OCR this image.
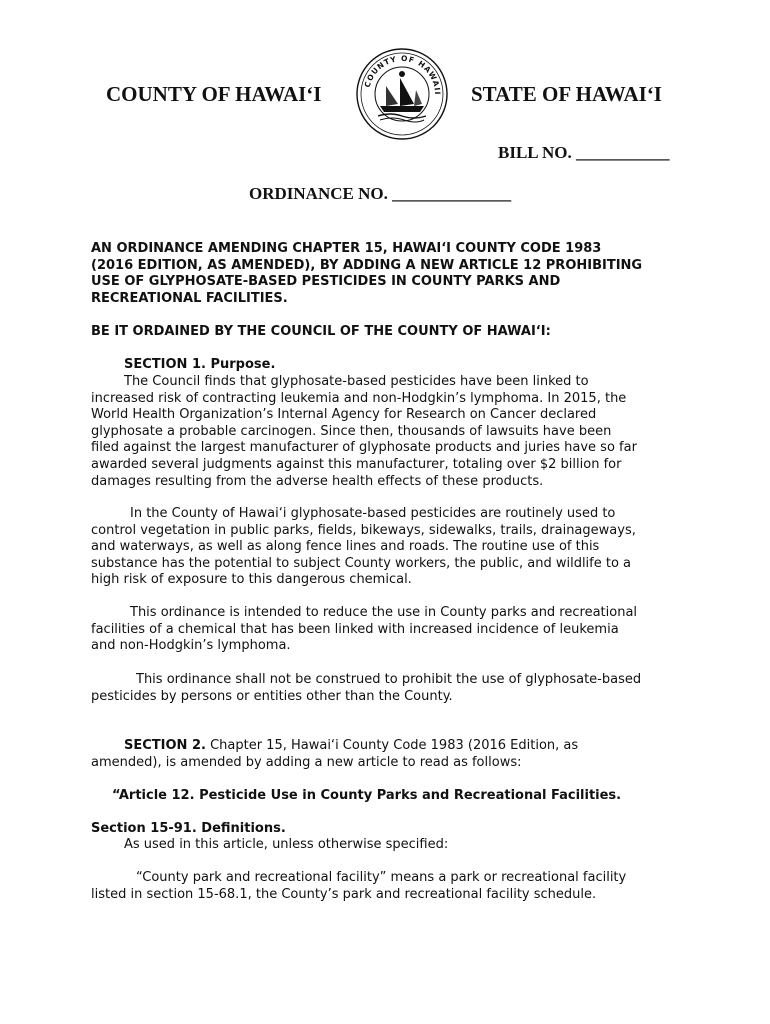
COUNTY OF HAWAI‘I	COUNTY OF HAWAII STATE OF HAWAI‘I
BILL NO. ___________
ORDINANCE NO. ______________
AN ORDINANCE AMENDING CHAPTER 15, HAWAI‘I COUNTY CODE 1983
(2016 EDITION, AS AMENDED), BY ADDING A NEW ARTICLE 12 PROHIBITING
USE OF GLYPHOSATE-BASED PESTICIDES IN COUNTY PARKS AND
RECREATIONAL FACILITIES.
BE IT ORDAINED BY THE COUNCIL OF THE COUNTY OF HAWAI‘I:
SECTION 1. Purpose.
The Council finds that glyphosate-based pesticides have been linked to
increased risk of contracting leukemia and non-Hodgkin’s lymphoma. In 2015, the
World Health Organization’s Internal Agency for Research on Cancer declared
glyphosate a probable carcinogen. Since then, thousands of lawsuits have been
filed against the largest manufacturer of glyphosate products and juries have so far
awarded several judgments against this manufacturer, totaling over $2 billion for
damages resulting from the adverse health effects of these products.
In the County of Hawai‘i glyphosate-based pesticides are routinely used to
control vegetation in public parks, fields, bikeways, sidewalks, trails, drainageways,
and waterways, as well as along fence lines and roads. The routine use of this
substance has the potential to subject County workers, the public, and wildlife to a
high risk of exposure to this dangerous chemical.
This ordinance is intended to reduce the use in County parks and recreational
facilities of a chemical that has been linked with increased incidence of leukemia
and non-Hodgkin’s lymphoma.
This ordinance shall not be construed to prohibit the use of glyphosate-based
pesticides by persons or entities other than the County.
SECTION 2. Chapter 15, Hawai‘i County Code 1983 (2016 Edition, as
amended), is amended by adding a new article to read as follows:
“Article 12. Pesticide Use in County Parks and Recreational Facilities.
Section 15-91. Definitions.
As used in this article, unless otherwise specified:
“County park and recreational facility” means a park or recreational facility
listed in section 15-68.1, the County’s park and recreational facility schedule.
